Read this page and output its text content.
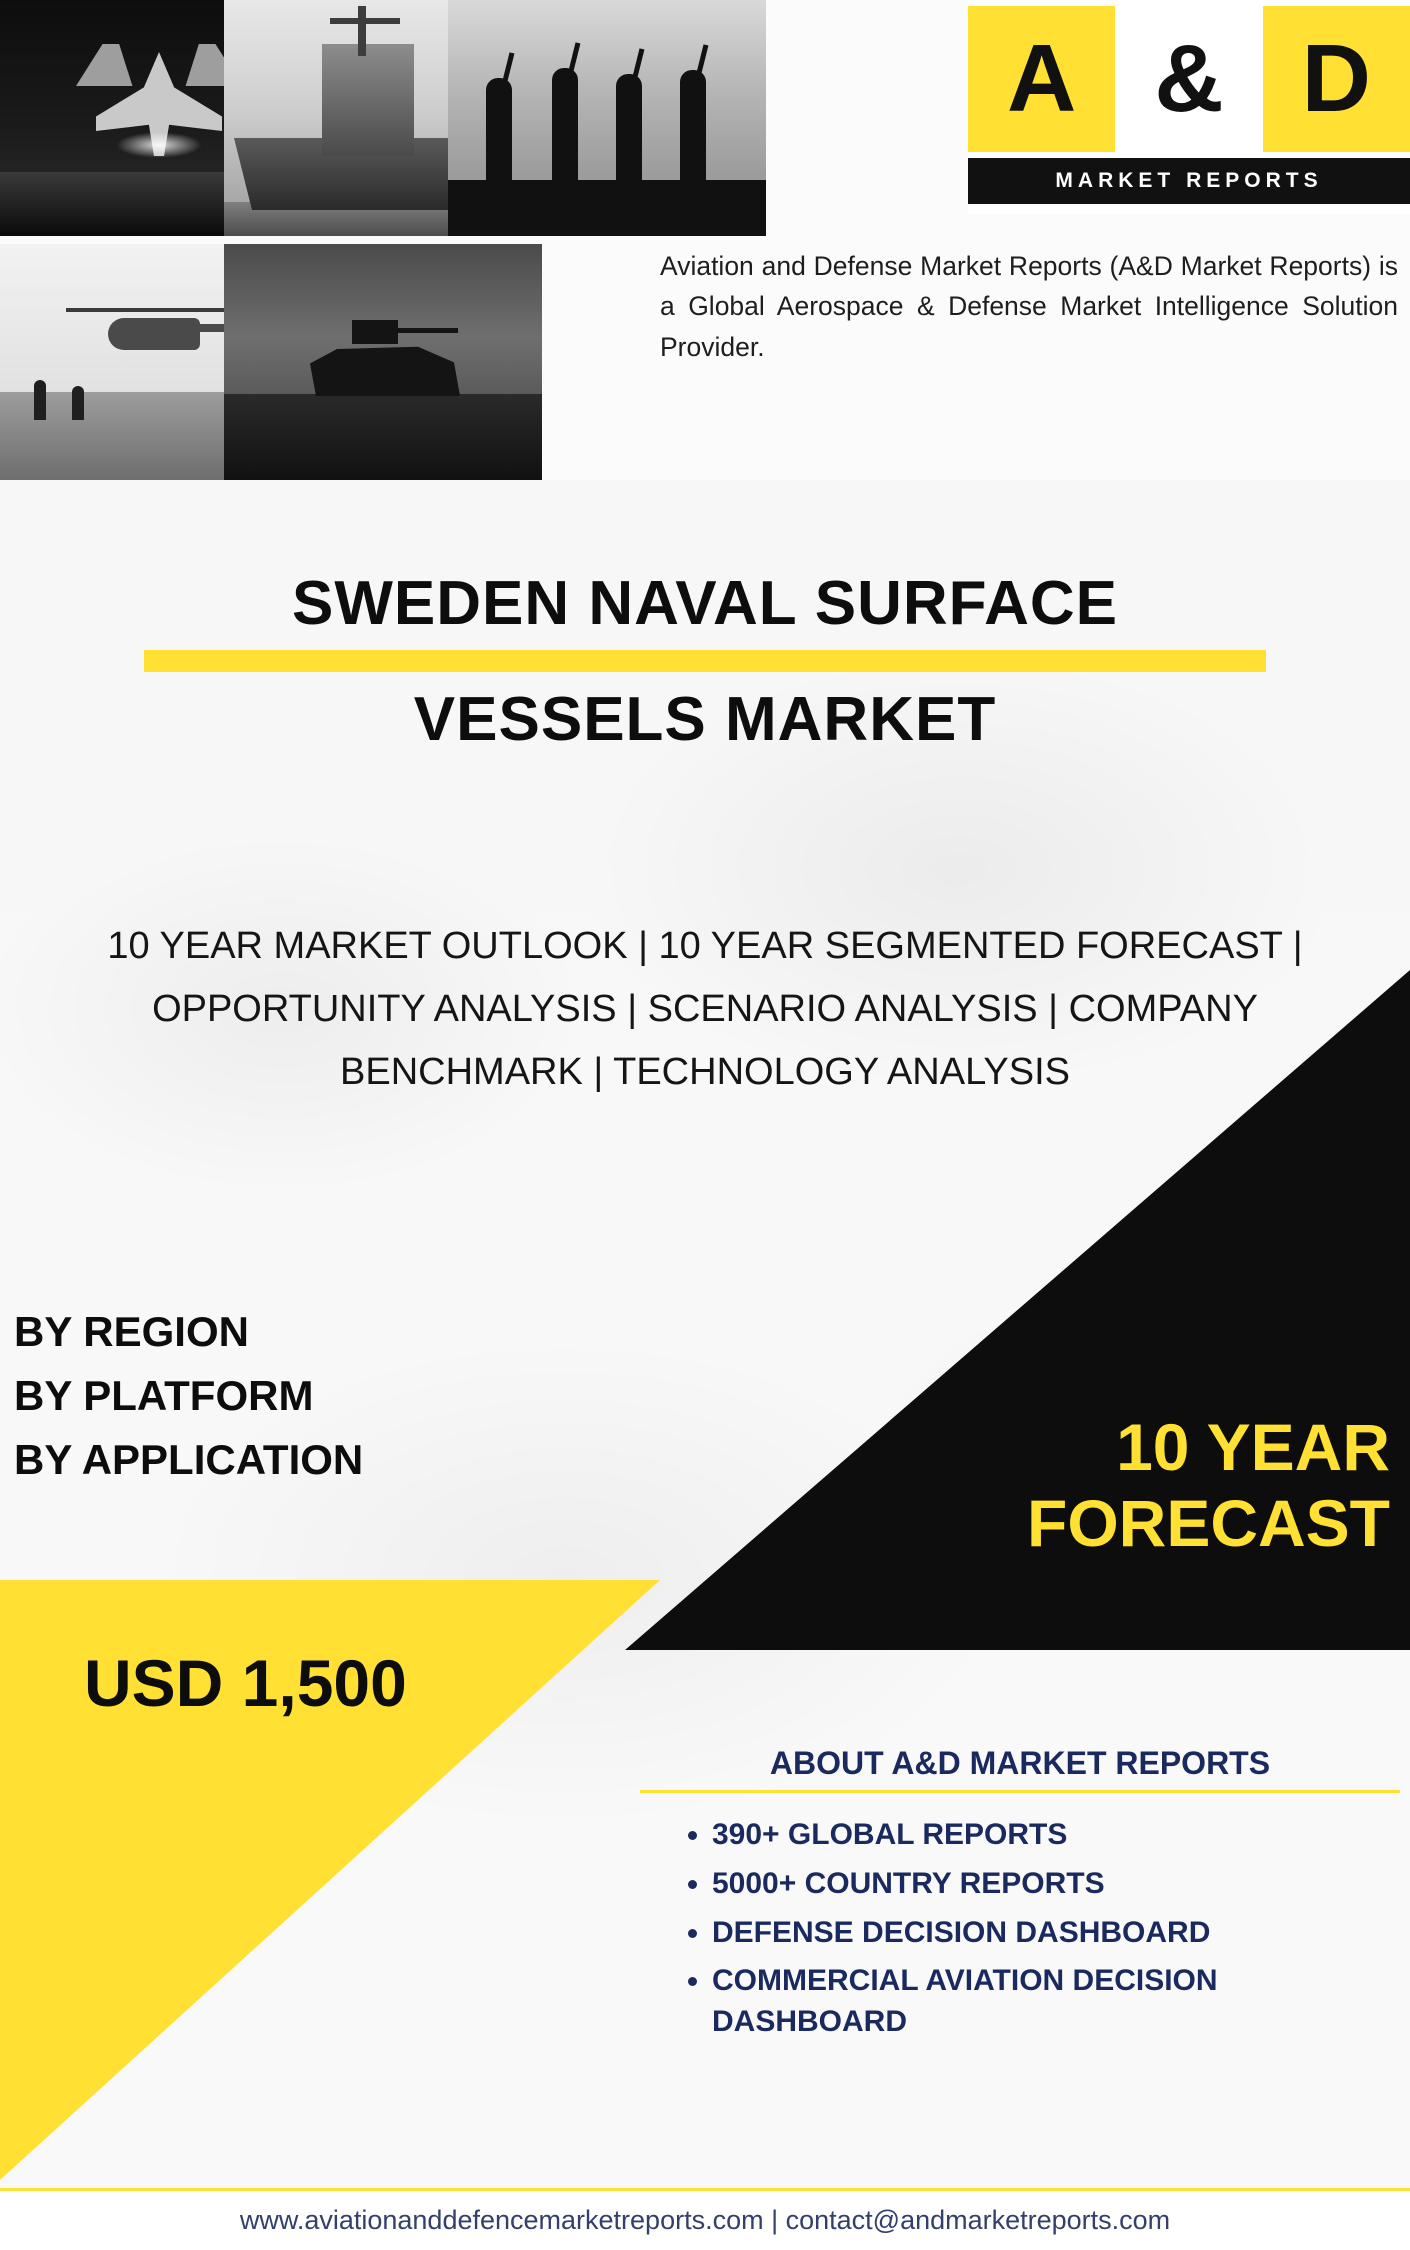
A & D
MARKET REPORTS
Aviation and Defense Market Reports (A&D Market Reports) is a Global Aerospace & Defense Market Intelligence Solution Provider.
SWEDEN NAVAL SURFACE
VESSELS MARKET
10 YEAR MARKET OUTLOOK | 10 YEAR SEGMENTED FORECAST | OPPORTUNITY ANALYSIS | SCENARIO ANALYSIS | COMPANY BENCHMARK | TECHNOLOGY ANALYSIS
BY REGION
BY PLATFORM
BY APPLICATION	10 YEAR
FORECAST
USD 1,500
ABOUT A&D MARKET REPORTS
• 390+ GLOBAL REPORTS
• 5000+ COUNTRY REPORTS
• DEFENSE DECISION DASHBOARD
• COMMERCIAL AVIATION DECISION DASHBOARD
www.aviationanddefencemarketreports.com | contact@andmarketreports.com
